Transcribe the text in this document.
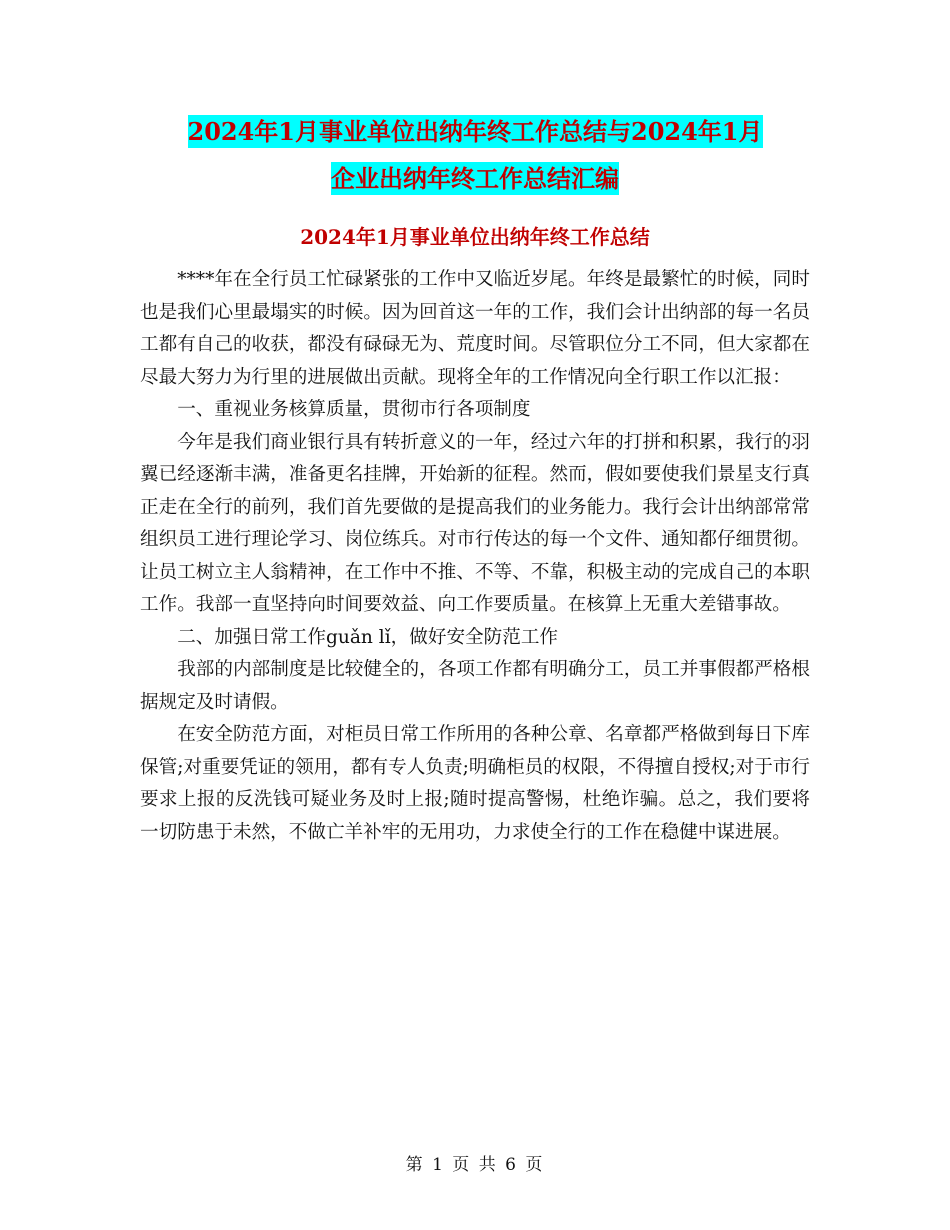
2024年1月事业单位出纳年终工作总结与2024年1月
企业出纳年终工作总结汇编
2024年1月事业单位出纳年终工作总结

****年在全行员工忙碌紧张的工作中又临近岁尾。年终是最繁忙的时候，同时也是我们心里最塌实的时候。因为回首这一年的工作，我们会计出纳部的每一名员工都有自己的收获，都没有碌碌无为、荒度时间。尽管职位分工不同，但大家都在尽最大努力为行里的进展做出贡献。现将全年的工作情况向全行职工作以汇报：

一、重视业务核算质量，贯彻市行各项制度

今年是我们商业银行具有转折意义的一年，经过六年的打拼和积累，我行的羽翼已经逐渐丰满，准备更名挂牌，开始新的征程。然而，假如要使我们景星支行真正走在全行的前列，我们首先要做的是提高我们的业务能力。我行会计出纳部常常组织员工进行理论学习、岗位练兵。对市行传达的每一个文件、通知都仔细贯彻。让员工树立主人翁精神，在工作中不推、不等、不靠，积极主动的完成自己的本职工作。我部一直坚持向时间要效益、向工作要质量。在核算上无重大差错事故。

二、加强日常工作guǎn lǐ，做好安全防范工作

我部的内部制度是比较健全的，各项工作都有明确分工，员工并事假都严格根据规定及时请假。

在安全防范方面，对柜员日常工作所用的各种公章、名章都严格做到每日下库保管;对重要凭证的领用，都有专人负责;明确柜员的权限，不得擅自授权;对于市行要求上报的反洗钱可疑业务及时上报;随时提高警惕，杜绝诈骗。总之，我们要将一切防患于未然，不做亡羊补牢的无用功，力求使全行的工作在稳健中谋进展。

第 1 页 共 6 页
